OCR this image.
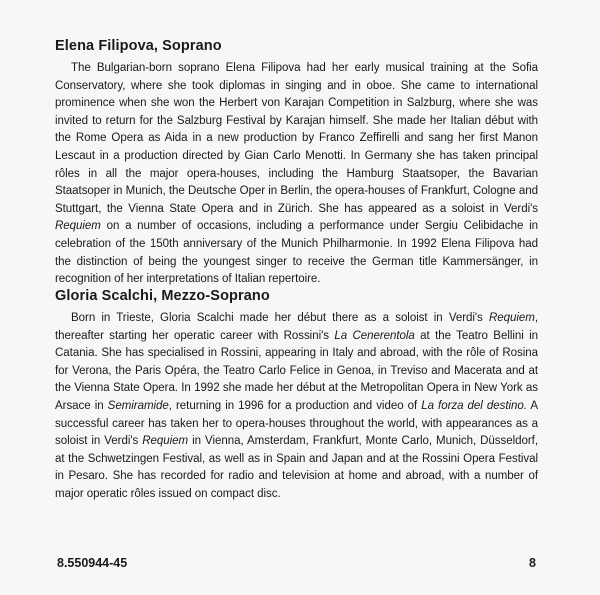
Elena Filipova, Soprano

The Bulgarian-born soprano Elena Filipova had her early musical training at the Sofia Conservatory, where she took diplomas in singing and in oboe. She came to international prominence when she won the Herbert von Karajan Competition in Salzburg, where she was invited to return for the Salzburg Festival by Karajan himself. She made her Italian début with the Rome Opera as Aida in a new production by Franco Zeffirelli and sang her first Manon Lescaut in a production directed by Gian Carlo Menotti. In Germany she has taken principal rôles in all the major opera-houses, including the Hamburg Staatsoper, the Bavarian Staatsoper in Munich, the Deutsche Oper in Berlin, the opera-houses of Frankfurt, Cologne and Stuttgart, the Vienna State Opera and in Zürich. She has appeared as a soloist in Verdi's Requiem on a number of occasions, including a performance under Sergiu Celibidache in celebration of the 150th anniversary of the Munich Philharmonie. In 1992 Elena Filipova had the distinction of being the youngest singer to receive the German title Kammersänger, in recognition of her interpretations of Italian repertoire.

Gloria Scalchi, Mezzo-Soprano

Born in Trieste, Gloria Scalchi made her début there as a soloist in Verdi's Requiem, thereafter starting her operatic career with Rossini's La Cenerentola at the Teatro Bellini in Catania. She has specialised in Rossini, appearing in Italy and abroad, with the rôle of Rosina for Verona, the Paris Opéra, the Teatro Carlo Felice in Genoa, in Treviso and Macerata and at the Vienna State Opera. In 1992 she made her début at the Metropolitan Opera in New York as Arsace in Semiramide, returning in 1996 for a production and video of La forza del destino. A successful career has taken her to opera-houses throughout the world, with appearances as a soloist in Verdi's Requiem in Vienna, Amsterdam, Frankfurt, Monte Carlo, Munich, Düsseldorf, at the Schwetzingen Festival, as well as in Spain and Japan and at the Rossini Opera Festival in Pesaro. She has recorded for radio and television at home and abroad, with a number of major operatic rôles issued on compact disc.

8.550944-45	8
